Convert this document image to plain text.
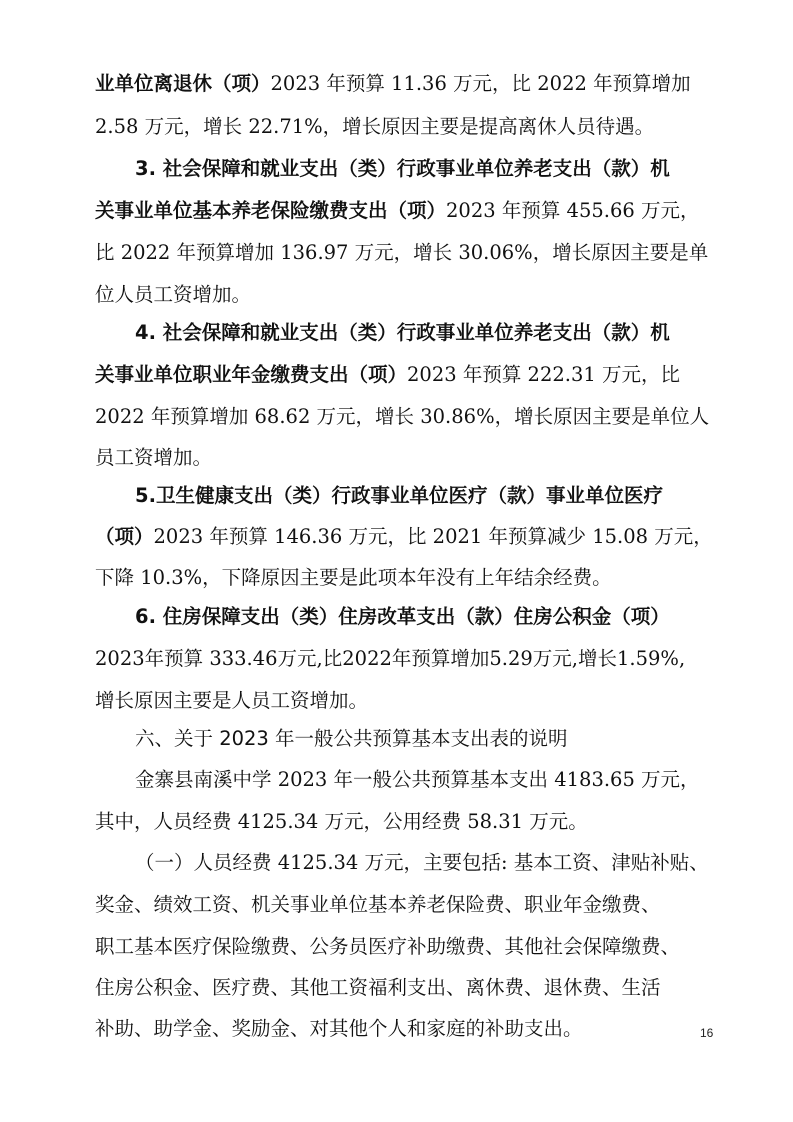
业单位离退休（项）2023 年预算 11.36 万元，比 2022 年预算增加
2.58 万元，增长 22.71%，增长原因主要是提高离休人员待遇。
3. 社会保障和就业支出（类）行政事业单位养老支出（款）机
关事业单位基本养老保险缴费支出（项）2023 年预算 455.66 万元，
比 2022 年预算增加 136.97 万元，增长 30.06%，增长原因主要是单
位人员工资增加。
4. 社会保障和就业支出（类）行政事业单位养老支出（款）机
关事业单位职业年金缴费支出（项）2023 年预算 222.31 万元，比
2022 年预算增加 68.62 万元，增长 30.86%，增长原因主要是单位人
员工资增加。
5.卫生健康支出（类）行政事业单位医疗（款）事业单位医疗
（项）2023 年预算 146.36 万元，比 2021 年预算减少 15.08 万元，
下降 10.3%，下降原因主要是此项本年没有上年结余经费。
6. 住房保障支出（类）住房改革支出（款）住房公积金（项）
2023年预算 333.46万元,比2022年预算增加5.29万元,增长1.59%,
增长原因主要是人员工资增加。
六、关于 2023 年一般公共预算基本支出表的说明
金寨县南溪中学 2023 年一般公共预算基本支出 4183.65 万元，
其中，人员经费 4125.34 万元，公用经费 58.31 万元。
（一）人员经费 4125.34 万元，主要包括: 基本工资、津贴补贴、
奖金、绩效工资、机关事业单位基本养老保险费、职业年金缴费、
职工基本医疗保险缴费、公务员医疗补助缴费、其他社会保障缴费、
住房公积金、医疗费、其他工资福利支出、离休费、退休费、生活
补助、助学金、奖励金、对其他个人和家庭的补助支出。	16
